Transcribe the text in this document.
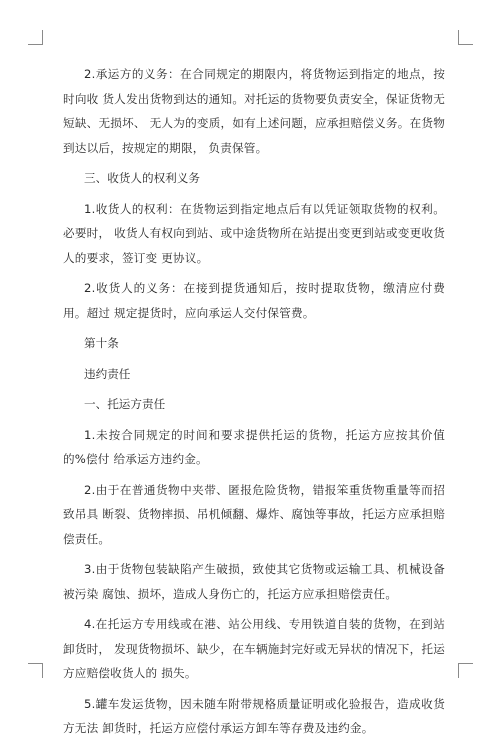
2.承运方的义务：在合同规定的期限内，将货物运到指定的地点，按时向收 货人发出货物到达的通知。对托运的货物要负责安全，保证货物无短缺、无损坏、 无人为的变质，如有上述问题，应承担赔偿义务。在货物到达以后，按规定的期限， 负责保管。

三、收货人的权利义务

1.收货人的权利：在货物运到指定地点后有以凭证领取货物的权利。必要时， 收货人有权向到站、或中途货物所在站提出变更到站或变更收货人的要求，签订变 更协议。

2.收货人的义务：在接到提货通知后，按时提取货物，缴清应付费用。超过 规定提货时，应向承运人交付保管费。

第十条

违约责任

一、托运方责任

1.未按合同规定的时间和要求提供托运的货物，托运方应按其价值的%偿付 给承运方违约金。

2.由于在普通货物中夹带、匿报危险货物，错报笨重货物重量等而招致吊具 断裂、货物摔损、吊机倾翻、爆炸、腐蚀等事故，托运方应承担赔偿责任。

3.由于货物包装缺陷产生破损，致使其它货物或运输工具、机械设备被污染 腐蚀、损坏，造成人身伤亡的，托运方应承担赔偿责任。

4.在托运方专用线或在港、站公用线、专用铁道自装的货物，在到站卸货时， 发现货物损坏、缺少，在车辆施封完好或无异状的情况下，托运方应赔偿收货人的 损失。

5.罐车发运货物，因未随车附带规格质量证明或化验报告，造成收货方无法 卸货时，托运方应偿付承运方卸车等存费及违约金。
